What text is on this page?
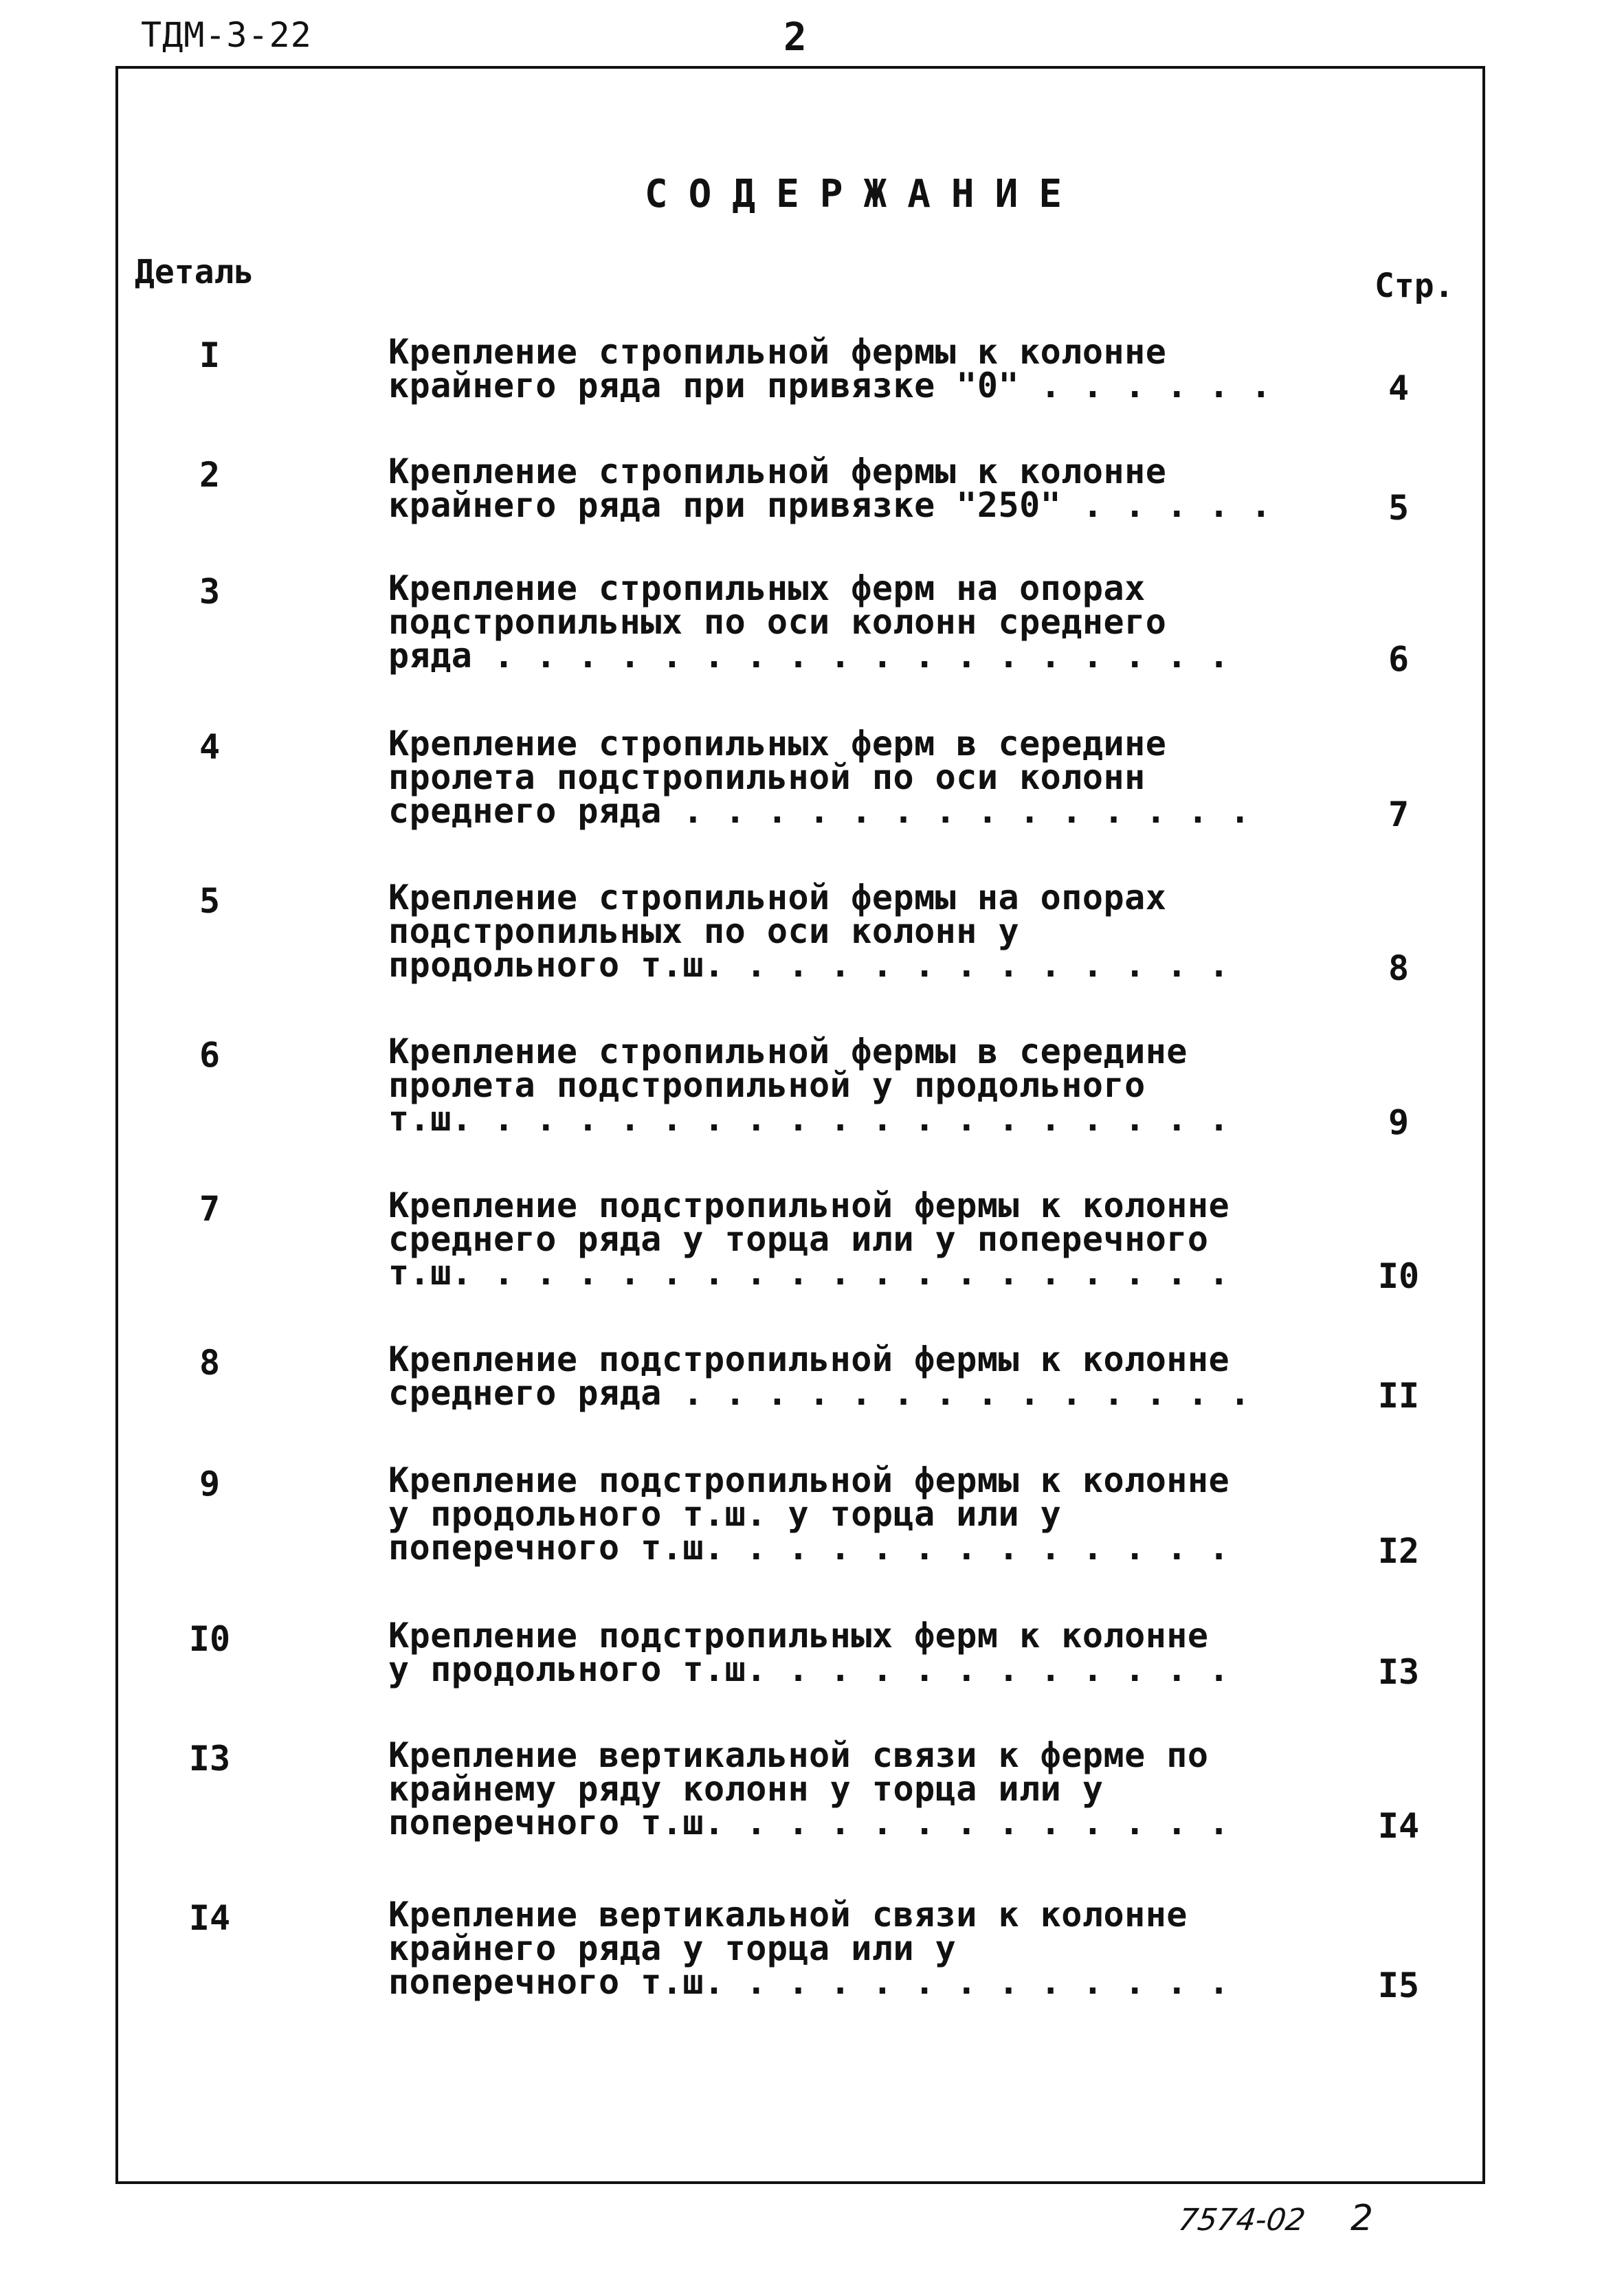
ТДМ-3-22	2
СОДЕРЖАНИЕ
Деталь	Стр.
I	Крепление стропильной фермы к колонне
крайнего ряда при привязке "0" . . . . . .	4
2	Крепление стропильной фермы к колонне
крайнего ряда при привязке "250" . . . . .	5
3	Крепление стропильных ферм на опорах
подстропильных по оси колонн среднего
ряда . . . . . . . . . . . . . . . . . .	6
4	Крепление стропильных ферм в середине
пролета подстропильной по оси колонн
среднего ряда . . . . . . . . . . . . . .	7
5	Крепление стропильной фермы на опорах
подстропильных по оси колонн у
продольного т.ш. . . . . . . . . . . . .	8
6	Крепление стропильной фермы в середине
пролета подстропильной у продольного
т.ш. . . . . . . . . . . . . . . . . . .	9
7	Крепление подстропильной фермы к колонне
среднего ряда у торца или у поперечного
т.ш. . . . . . . . . . . . . . . . . . .	I0
8	Крепление подстропильной фермы к колонне
среднего ряда . . . . . . . . . . . . . .	II
9	Крепление подстропильной фермы к колонне
у продольного т.ш. у торца или у
поперечного т.ш. . . . . . . . . . . . .	I2
I0	Крепление подстропильных ферм к колонне
у продольного т.ш. . . . . . . . . . . .	I3
I3	Крепление вертикальной связи к ферме по
крайнему ряду колонн у торца или у
поперечного т.ш. . . . . . . . . . . . .	I4
I4	Крепление вертикальной связи к колонне
крайнего ряда у торца или у
поперечного т.ш. . . . . . . . . . . . .	I5
7574-02 2
